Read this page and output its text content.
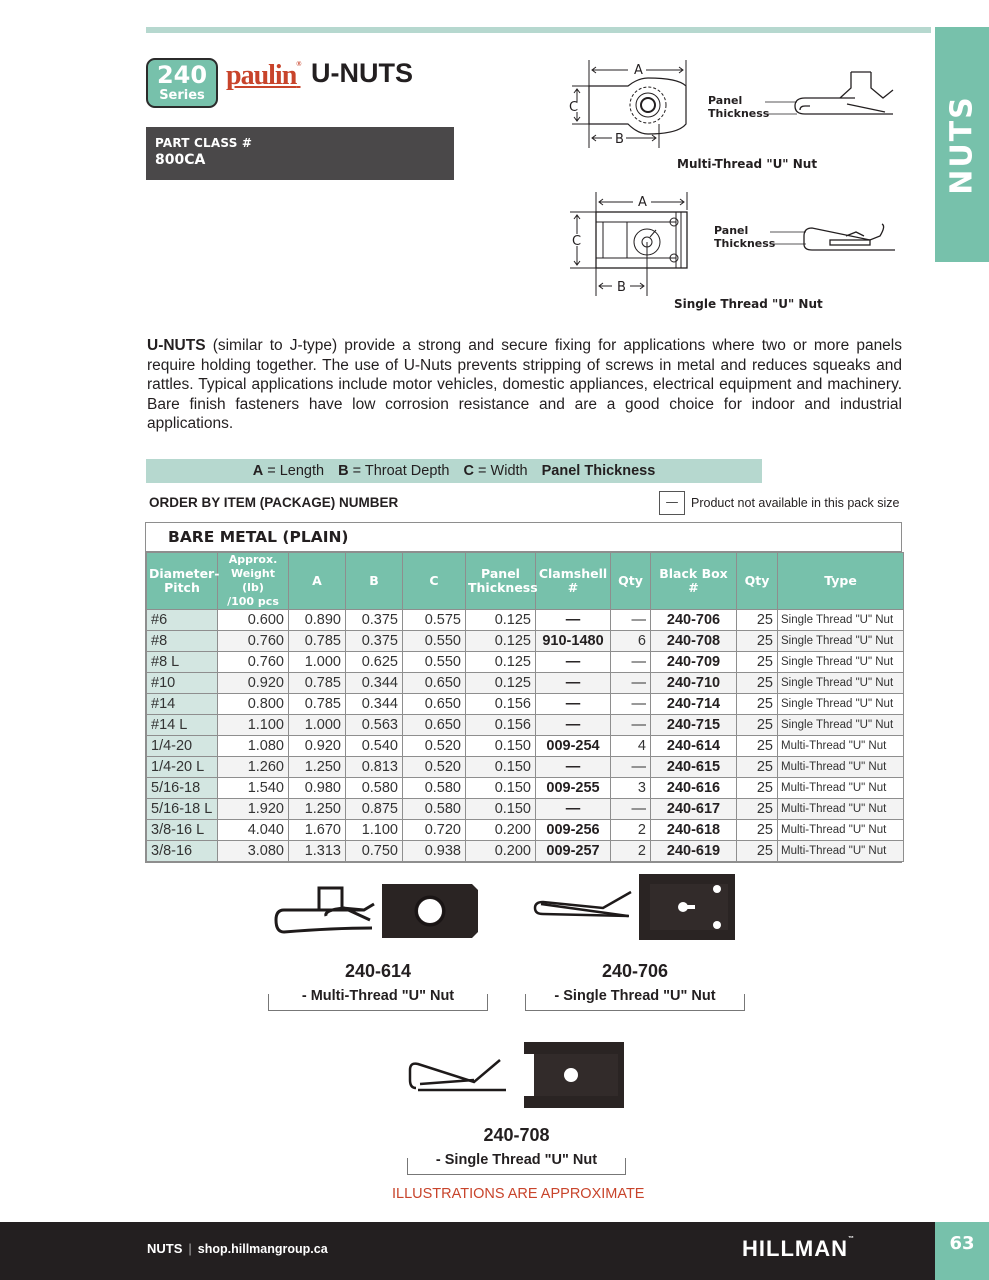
NUTS
240
Series
paulin® U-NUTS
PART CLASS #
800CA
A
C
B
Panel
Thickness
Multi-Thread "U" Nut
A
C
B
Panel
Thickness
Single Thread "U" Nut

U-NUTS (similar to J-type) provide a strong and secure fixing for applications where two or more panels require holding together. The use of U-Nuts prevents stripping of screws in metal and reduces squeaks and rattles. Typical applications include motor vehicles, domestic appliances, electrical equipment and machinery. Bare finish fasteners have low corrosion resistance and are a good choice for indoor and industrial applications.

A = Length B = Throat Depth C = Width Panel Thickness
ORDER BY ITEM (PACKAGE) NUMBER	—	Product not available in this pack size
BARE METAL (PLAIN)
Diameter-
Pitch	Approx.
Weight (lb)
/100 pcs	A	B	C	Panel
Thickness	Clamshell #	Qty	Black Box #	Qty	Type
#6	0.600	0.890	0.375	0.575	0.125	—	—	240-706	25	Single Thread "U" Nut
#8	0.760	0.785	0.375	0.550	0.125	910-1480	6	240-708	25	Single Thread "U" Nut
#8 L	0.760	1.000	0.625	0.550	0.125	—	—	240-709	25	Single Thread "U" Nut
#10	0.920	0.785	0.344	0.650	0.125	—	—	240-710	25	Single Thread "U" Nut
#14	0.800	0.785	0.344	0.650	0.156	—	—	240-714	25	Single Thread "U" Nut
#14 L	1.100	1.000	0.563	0.650	0.156	—	—	240-715	25	Single Thread "U" Nut
1/4-20	1.080	0.920	0.540	0.520	0.150	009-254	4	240-614	25	Multi-Thread "U" Nut
1/4-20 L	1.260	1.250	0.813	0.520	0.150	—	—	240-615	25	Multi-Thread "U" Nut
5/16-18	1.540	0.980	0.580	0.580	0.150	009-255	3	240-616	25	Multi-Thread "U" Nut
5/16-18 L	1.920	1.250	0.875	0.580	0.150	—	—	240-617	25	Multi-Thread "U" Nut
3/8-16 L	4.040	1.670	1.100	0.720	0.200	009-256	2	240-618	25	Multi-Thread "U" Nut
3/8-16	3.080	1.313	0.750	0.938	0.200	009-257	2	240-619	25	Multi-Thread "U" Nut
240-614
- Multi-Thread "U" Nut
240-706
- Single Thread "U" Nut
240-708
- Single Thread "U" Nut
ILLUSTRATIONS ARE APPROXIMATE
NUTS | shop.hillmangroup.ca	HILLMAN™	63
